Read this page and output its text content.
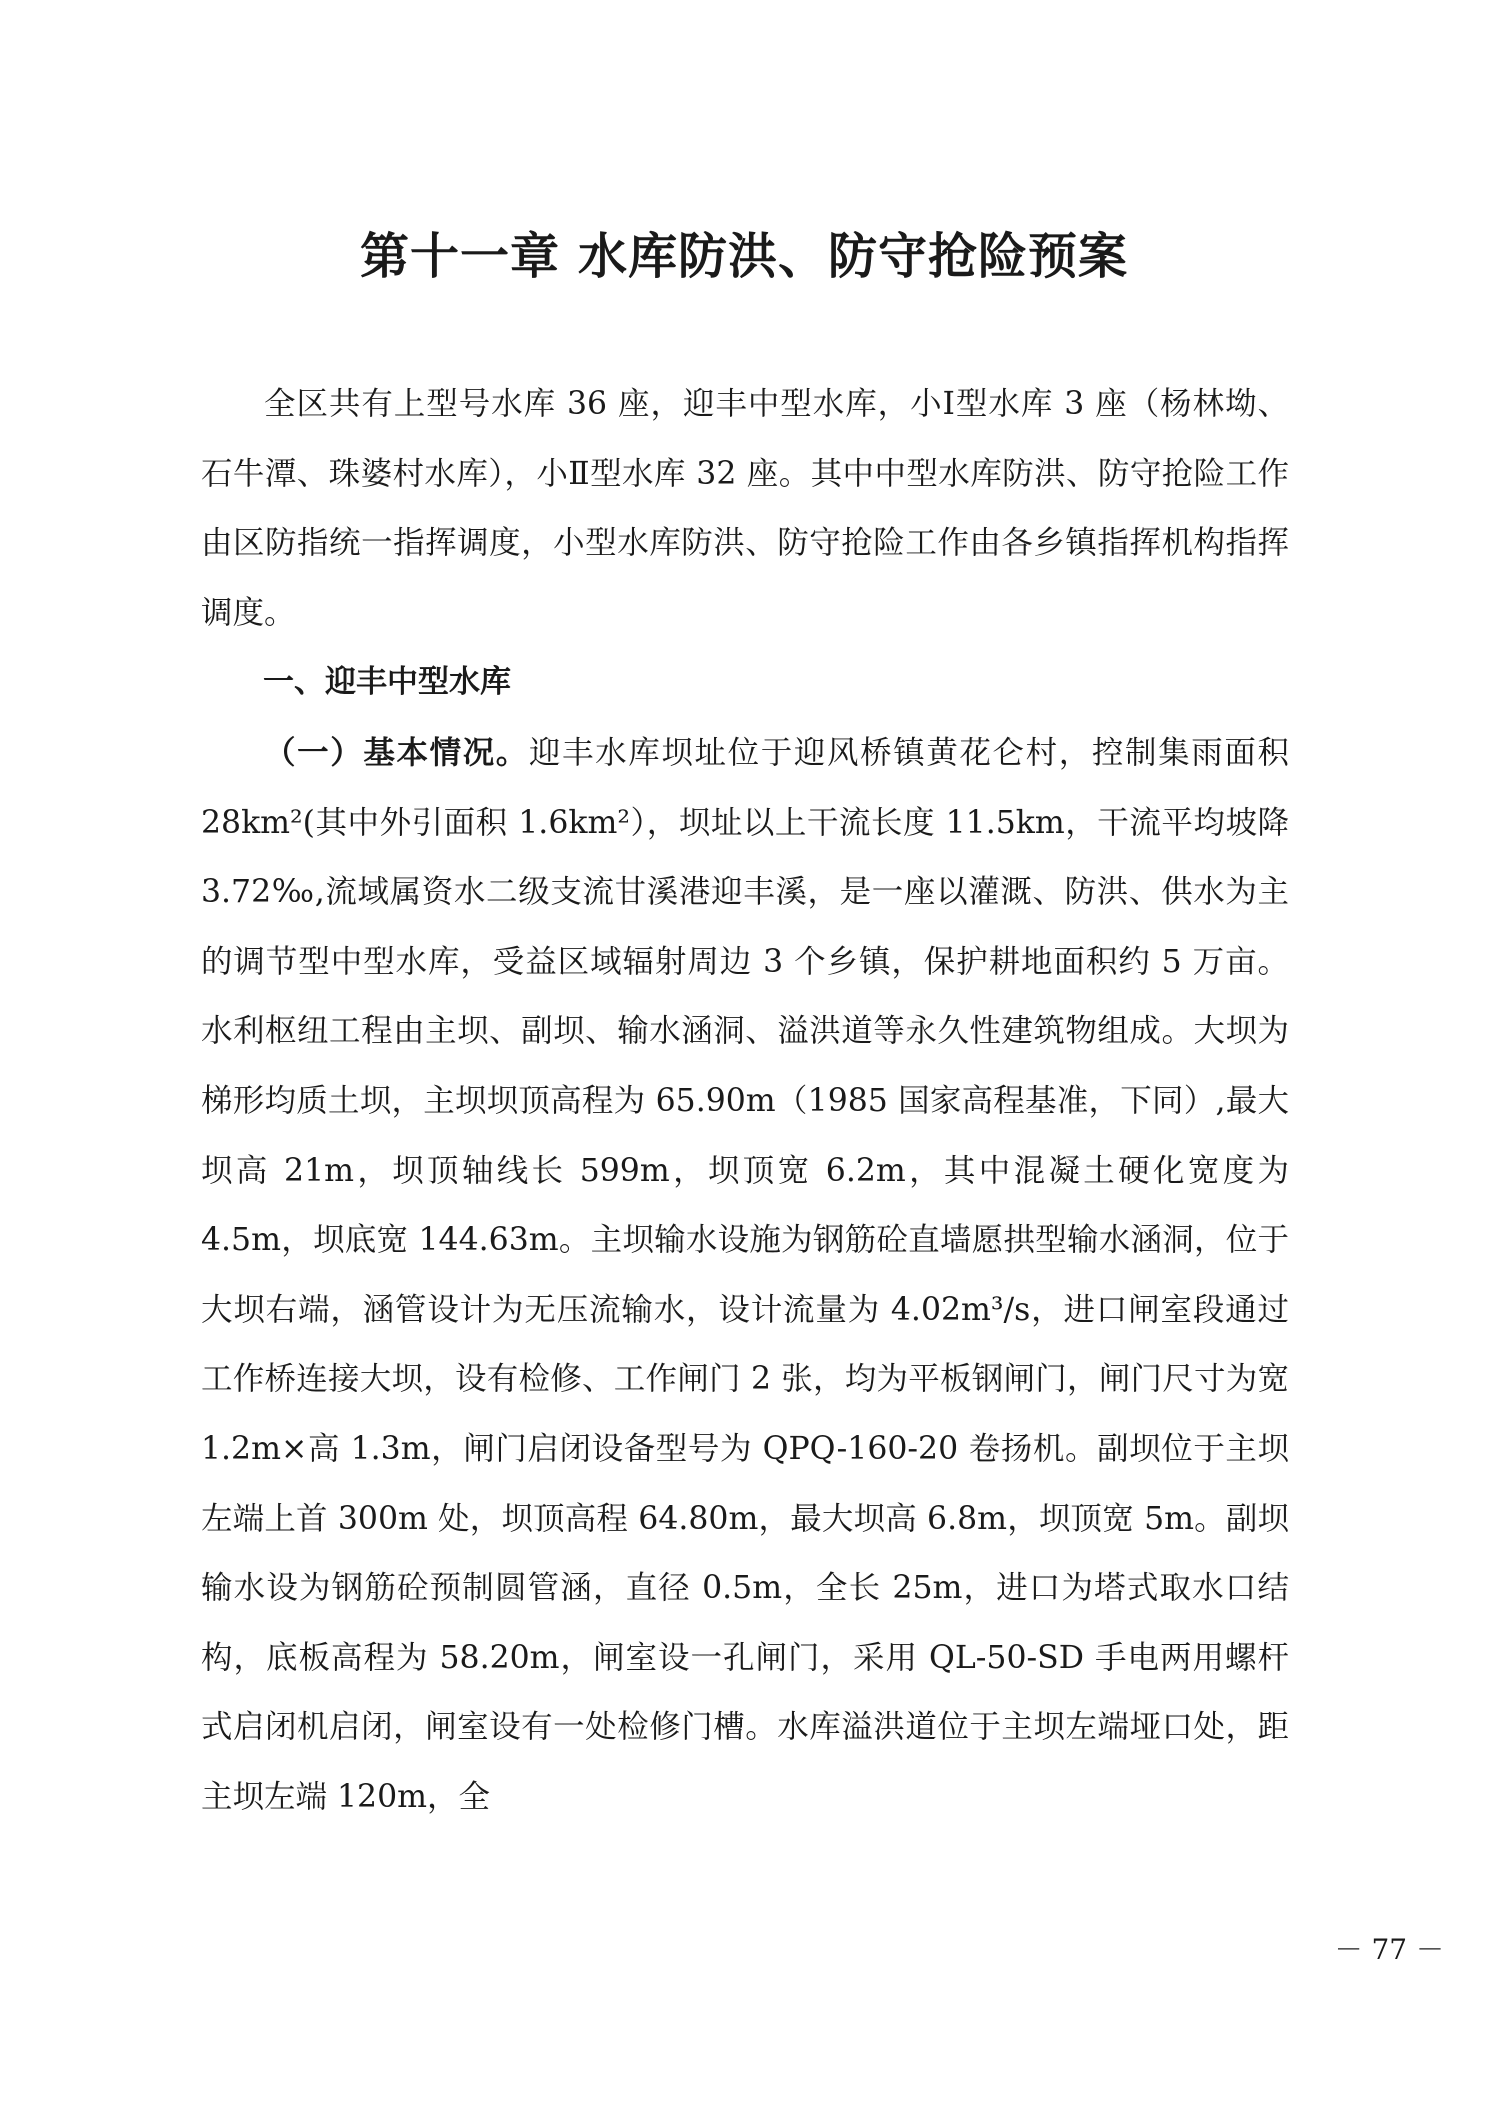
第十一章 水库防洪、防守抢险预案

全区共有上型号水库 36 座，迎丰中型水库，小Ⅰ型水库 3 座（杨林坳、石牛潭、珠婆村水库），小Ⅱ型水库 32 座。其中中型水库防洪、防守抢险工作由区防指统一指挥调度，小型水库防洪、防守抢险工作由各乡镇指挥机构指挥调度。

一、迎丰中型水库

（一）基本情况。迎丰水库坝址位于迎风桥镇黄花仑村，控制集雨面积 28km²(其中外引面积 1.6km²），坝址以上干流长度 11.5km，干流平均坡降 3.72‰,流域属资水二级支流甘溪港迎丰溪，是一座以灌溉、防洪、供水为主的调节型中型水库，受益区域辐射周边 3 个乡镇，保护耕地面积约 5 万亩。水利枢纽工程由主坝、副坝、输水涵洞、溢洪道等永久性建筑物组成。大坝为梯形均质土坝，主坝坝顶高程为 65.90m（1985 国家高程基准，下同）,最大坝高 21m，坝顶轴线长 599m，坝顶宽 6.2m，其中混凝土硬化宽度为 4.5m，坝底宽 144.63m。主坝输水设施为钢筋砼直墙愿拱型输水涵洞，位于大坝右端，涵管设计为无压流输水，设计流量为 4.02m³/s，进口闸室段通过工作桥连接大坝，设有检修、工作闸门 2 张，均为平板钢闸门，闸门尺寸为宽 1.2m×高 1.3m，闸门启闭设备型号为 QPQ-160-20 卷扬机。副坝位于主坝左端上首 300m 处，坝顶高程 64.80m，最大坝高 6.8m，坝顶宽 5m。副坝输水设为钢筋砼预制圆管涵，直径 0.5m，全长 25m，进口为塔式取水口结构，底板高程为 58.20m，闸室设一孔闸门，采用 QL-50-SD 手电两用螺杆式启闭机启闭，闸室设有一处检修门槽。水库溢洪道位于主坝左端垭口处，距主坝左端 120m，全

－ 77 －
